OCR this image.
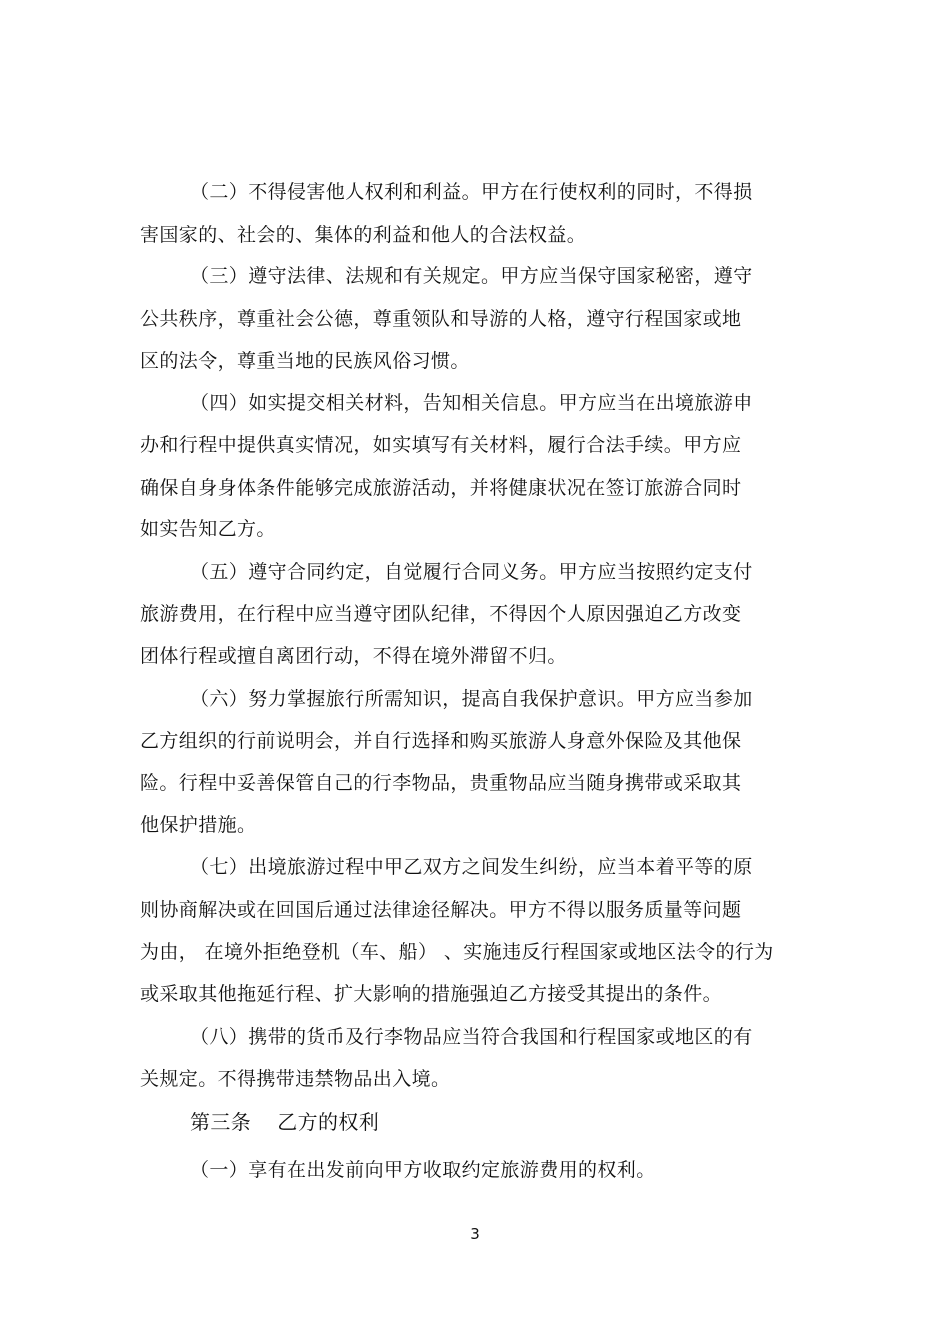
（二）不得侵害他人权利和利益。甲方在行使权利的同时，不得损

害国家的、社会的、集体的利益和他人的合法权益。

（三）遵守法律、法规和有关规定。甲方应当保守国家秘密，遵守

公共秩序，尊重社会公德，尊重领队和导游的人格，遵守行程国家或地

区的法令，尊重当地的民族风俗习惯。

（四）如实提交相关材料，告知相关信息。甲方应当在出境旅游申

办和行程中提供真实情况，如实填写有关材料，履行合法手续。甲方应

确保自身身体条件能够完成旅游活动，并将健康状况在签订旅游合同时

如实告知乙方。

（五）遵守合同约定，自觉履行合同义务。甲方应当按照约定支付

旅游费用，在行程中应当遵守团队纪律，不得因个人原因强迫乙方改变

团体行程或擅自离团行动，不得在境外滞留不归。

（六）努力掌握旅行所需知识，提高自我保护意识。甲方应当参加

乙方组织的行前说明会，并自行选择和购买旅游人身意外保险及其他保

险。行程中妥善保管自己的行李物品，贵重物品应当随身携带或采取其

他保护措施。

（七）出境旅游过程中甲乙双方之间发生纠纷，应当本着平等的原

则协商解决或在回国后通过法律途径解决。甲方不得以服务质量等问题

为由， 在境外拒绝登机（车、船） 、实施违反行程国家或地区法令的行为

或采取其他拖延行程、扩大影响的措施强迫乙方接受其提出的条件。

（八）携带的货币及行李物品应当符合我国和行程国家或地区的有

关规定。不得携带违禁物品出入境。

第三条 乙方的权利

（一）享有在出发前向甲方收取约定旅游费用的权利。

3
